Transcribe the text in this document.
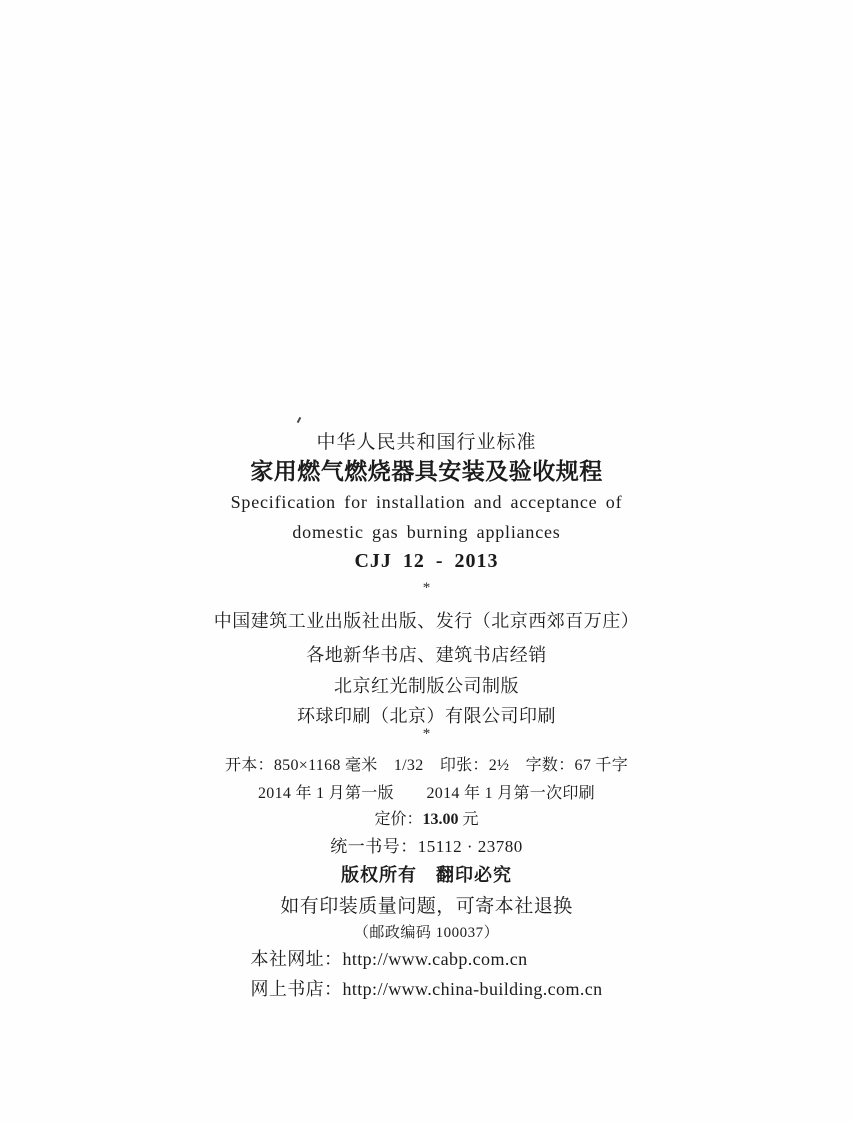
中华人民共和国行业标准
家用燃气燃烧器具安装及验收规程
Specification for installation and acceptance of
domestic gas burning appliances
CJJ 12 - 2013
*
中国建筑工业出版社出版、发行（北京西郊百万庄）
各地新华书店、建筑书店经销
北京红光制版公司制版
环球印刷（北京）有限公司印刷
*
开本：850×1168 毫米　1/32　印张：2½　字数：67 千字
2014 年 1 月第一版　　2014 年 1 月第一次印刷
定价：13.00 元
统一书号：15112 · 23780
版权所有　翻印必究
如有印装质量问题，可寄本社退换
（邮政编码 100037）
本社网址：http://www.cabp.com.cn
网上书店：http://www.china-building.com.cn
